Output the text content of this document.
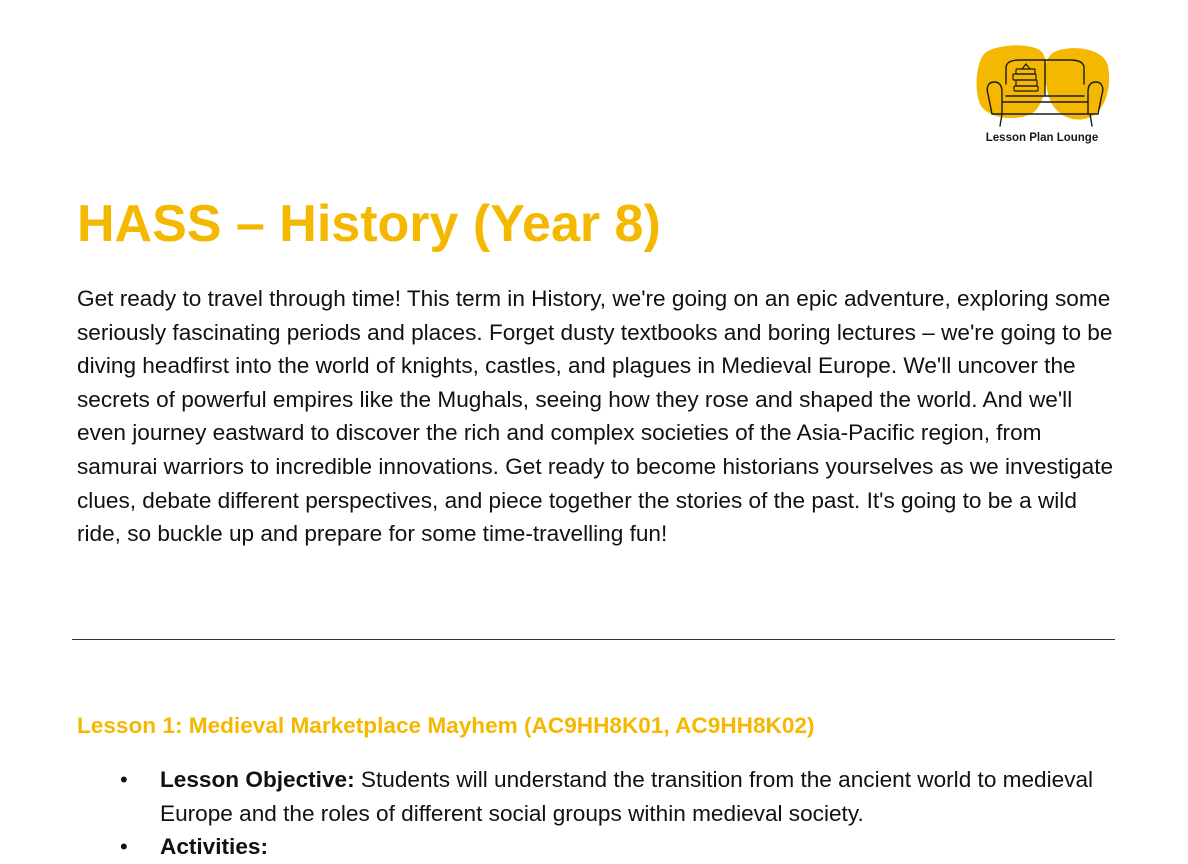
Lesson Plan Lounge
HASS – History (Year 8)

Get ready to travel through time! This term in History, we're going on an epic adventure, exploring some seriously fascinating periods and places. Forget dusty textbooks and boring lectures – we're going to be diving headfirst into the world of knights, castles, and plagues in Medieval Europe. We'll uncover the secrets of powerful empires like the Mughals, seeing how they rose and shaped the world. And we'll even journey eastward to discover the rich and complex societies of the Asia-Pacific region, from samurai warriors to incredible innovations. Get ready to become historians yourselves as we investigate clues, debate different perspectives, and piece together the stories of the past. It's going to be a wild ride, so buckle up and prepare for some time-travelling fun!

Lesson 1: Medieval Marketplace Mayhem (AC9HH8K01, AC9HH8K02)
• Lesson Objective: Students will understand the transition from the ancient world to medieval Europe and the roles of different social groups within medieval society.
• Activities:
